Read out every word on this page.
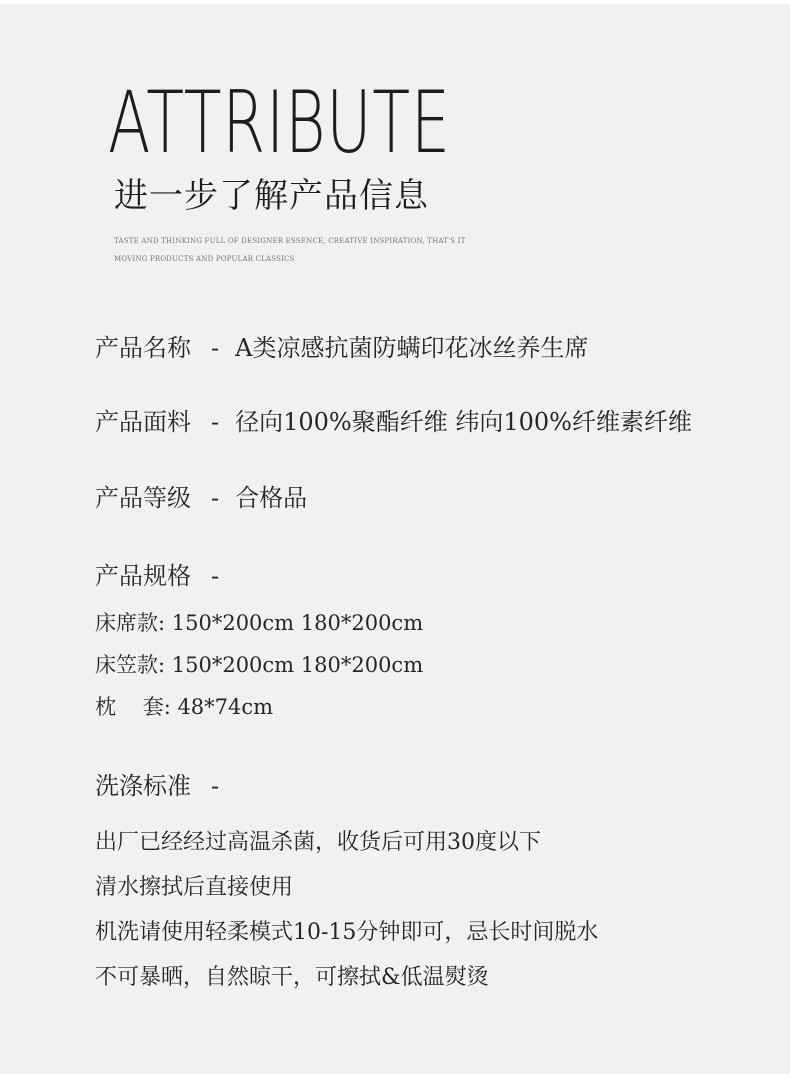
ATTRIBUTE
进一步了解产品信息
TASTE AND THINKING FULL OF DESIGNER ESSENCE, CREATIVE INSPIRATION, THAT'S IT
MOVING PRODUCTS AND POPULAR CLASSICS
产品名称 - A类凉感抗菌防螨印花冰丝养生席
产品面料 - 径向100%聚酯纤维 纬向100%纤维素纤维
产品等级 - 合格品
产品规格 -
床席款: 150*200cm 180*200cm
床笠款: 150*200cm 180*200cm
枕    套: 48*74cm
洗涤标准 -
出厂已经经过高温杀菌，收货后可用30度以下
清水擦拭后直接使用
机洗请使用轻柔模式10-15分钟即可，忌长时间脱水
不可暴晒，自然晾干，可擦拭&低温熨烫
